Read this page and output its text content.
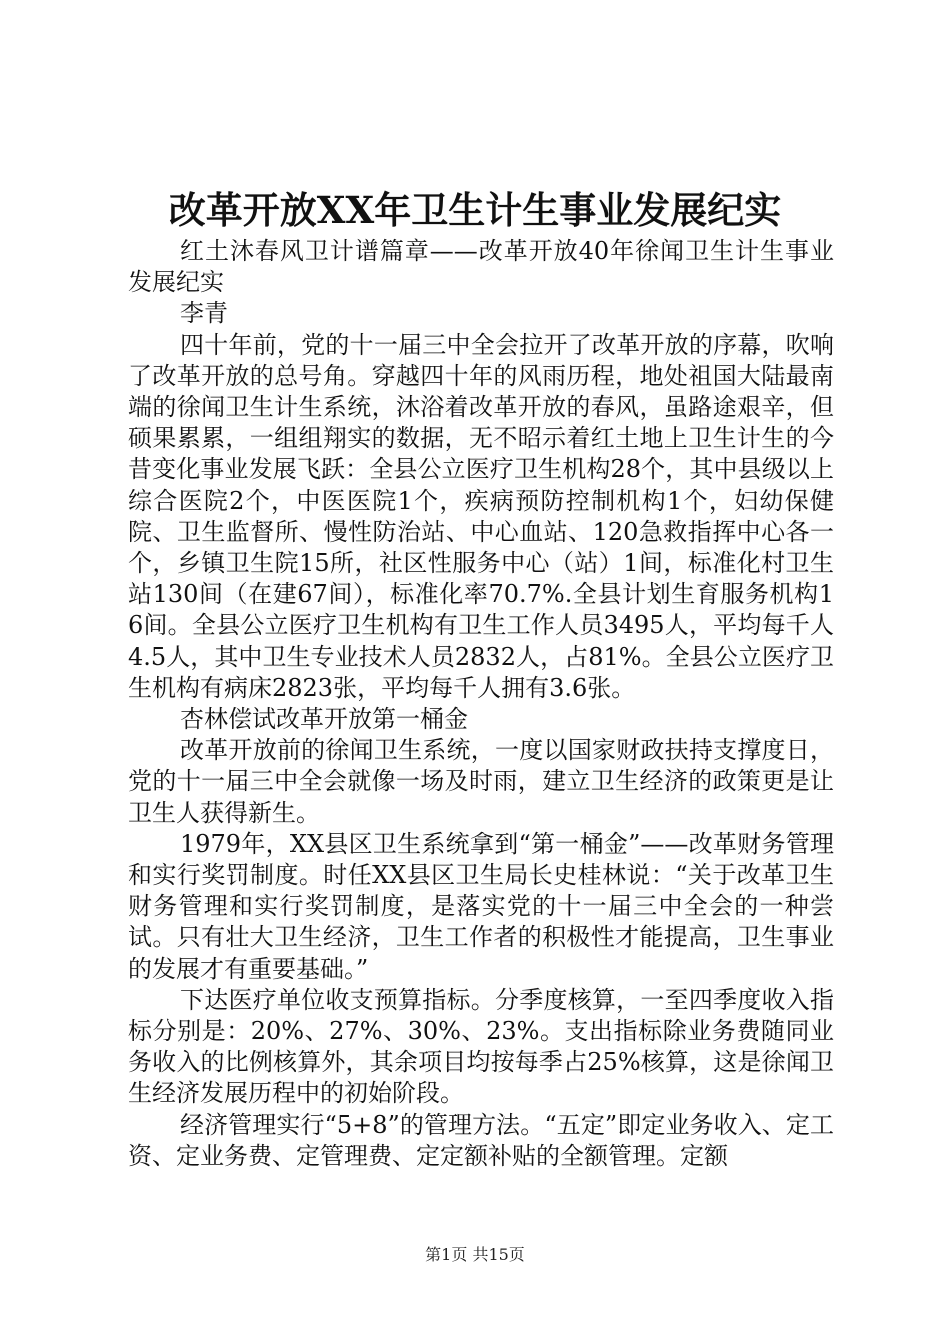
改革开放XX年卫生计生事业发展纪实

红土沐春风卫计谱篇章——改革开放40年徐闻卫生计生事业发展纪实

李青

四十年前，党的十一届三中全会拉开了改革开放的序幕，吹响了改革开放的总号角。穿越四十年的风雨历程，地处祖国大陆最南端的徐闻卫生计生系统，沐浴着改革开放的春风，虽路途艰辛，但硕果累累，一组组翔实的数据，无不昭示着红土地上卫生计生的今昔变化事业发展飞跃：全县公立医疗卫生机构28个，其中县级以上综合医院2个，中医医院1个，疾病预防控制机构1个，妇幼保健院、卫生监督所、慢性防治站、中心血站、120急救指挥中心各一个，乡镇卫生院15所，社区性服务中心（站）1间，标准化村卫生站130间（在建67间），标准化率70.7%.全县计划生育服务机构16间。全县公立医疗卫生机构有卫生工作人员3495人，平均每千人4.5人，其中卫生专业技术人员2832人，占81%。全县公立医疗卫生机构有病床2823张，平均每千人拥有3.6张。

杏林偿试改革开放第一桶金

改革开放前的徐闻卫生系统，一度以国家财政扶持支撑度日，党的十一届三中全会就像一场及时雨，建立卫生经济的政策更是让卫生人获得新生。

1979年，XX县区卫生系统拿到“第一桶金”——改革财务管理和实行奖罚制度。时任XX县区卫生局长史桂林说：“关于改革卫生财务管理和实行奖罚制度，是落实党的十一届三中全会的一种尝试。只有壮大卫生经济，卫生工作者的积极性才能提高，卫生事业的发展才有重要基础。”

下达医疗单位收支预算指标。分季度核算，一至四季度收入指标分别是：20%、27%、30%、23%。支出指标除业务费随同业务收入的比例核算外，其余项目均按每季占25%核算，这是徐闻卫生经济发展历程中的初始阶段。

经济管理实行“5+8”的管理方法。“五定”即定业务收入、定工资、定业务费、定管理费、定定额补贴的全额管理。定额

第1页 共15页
